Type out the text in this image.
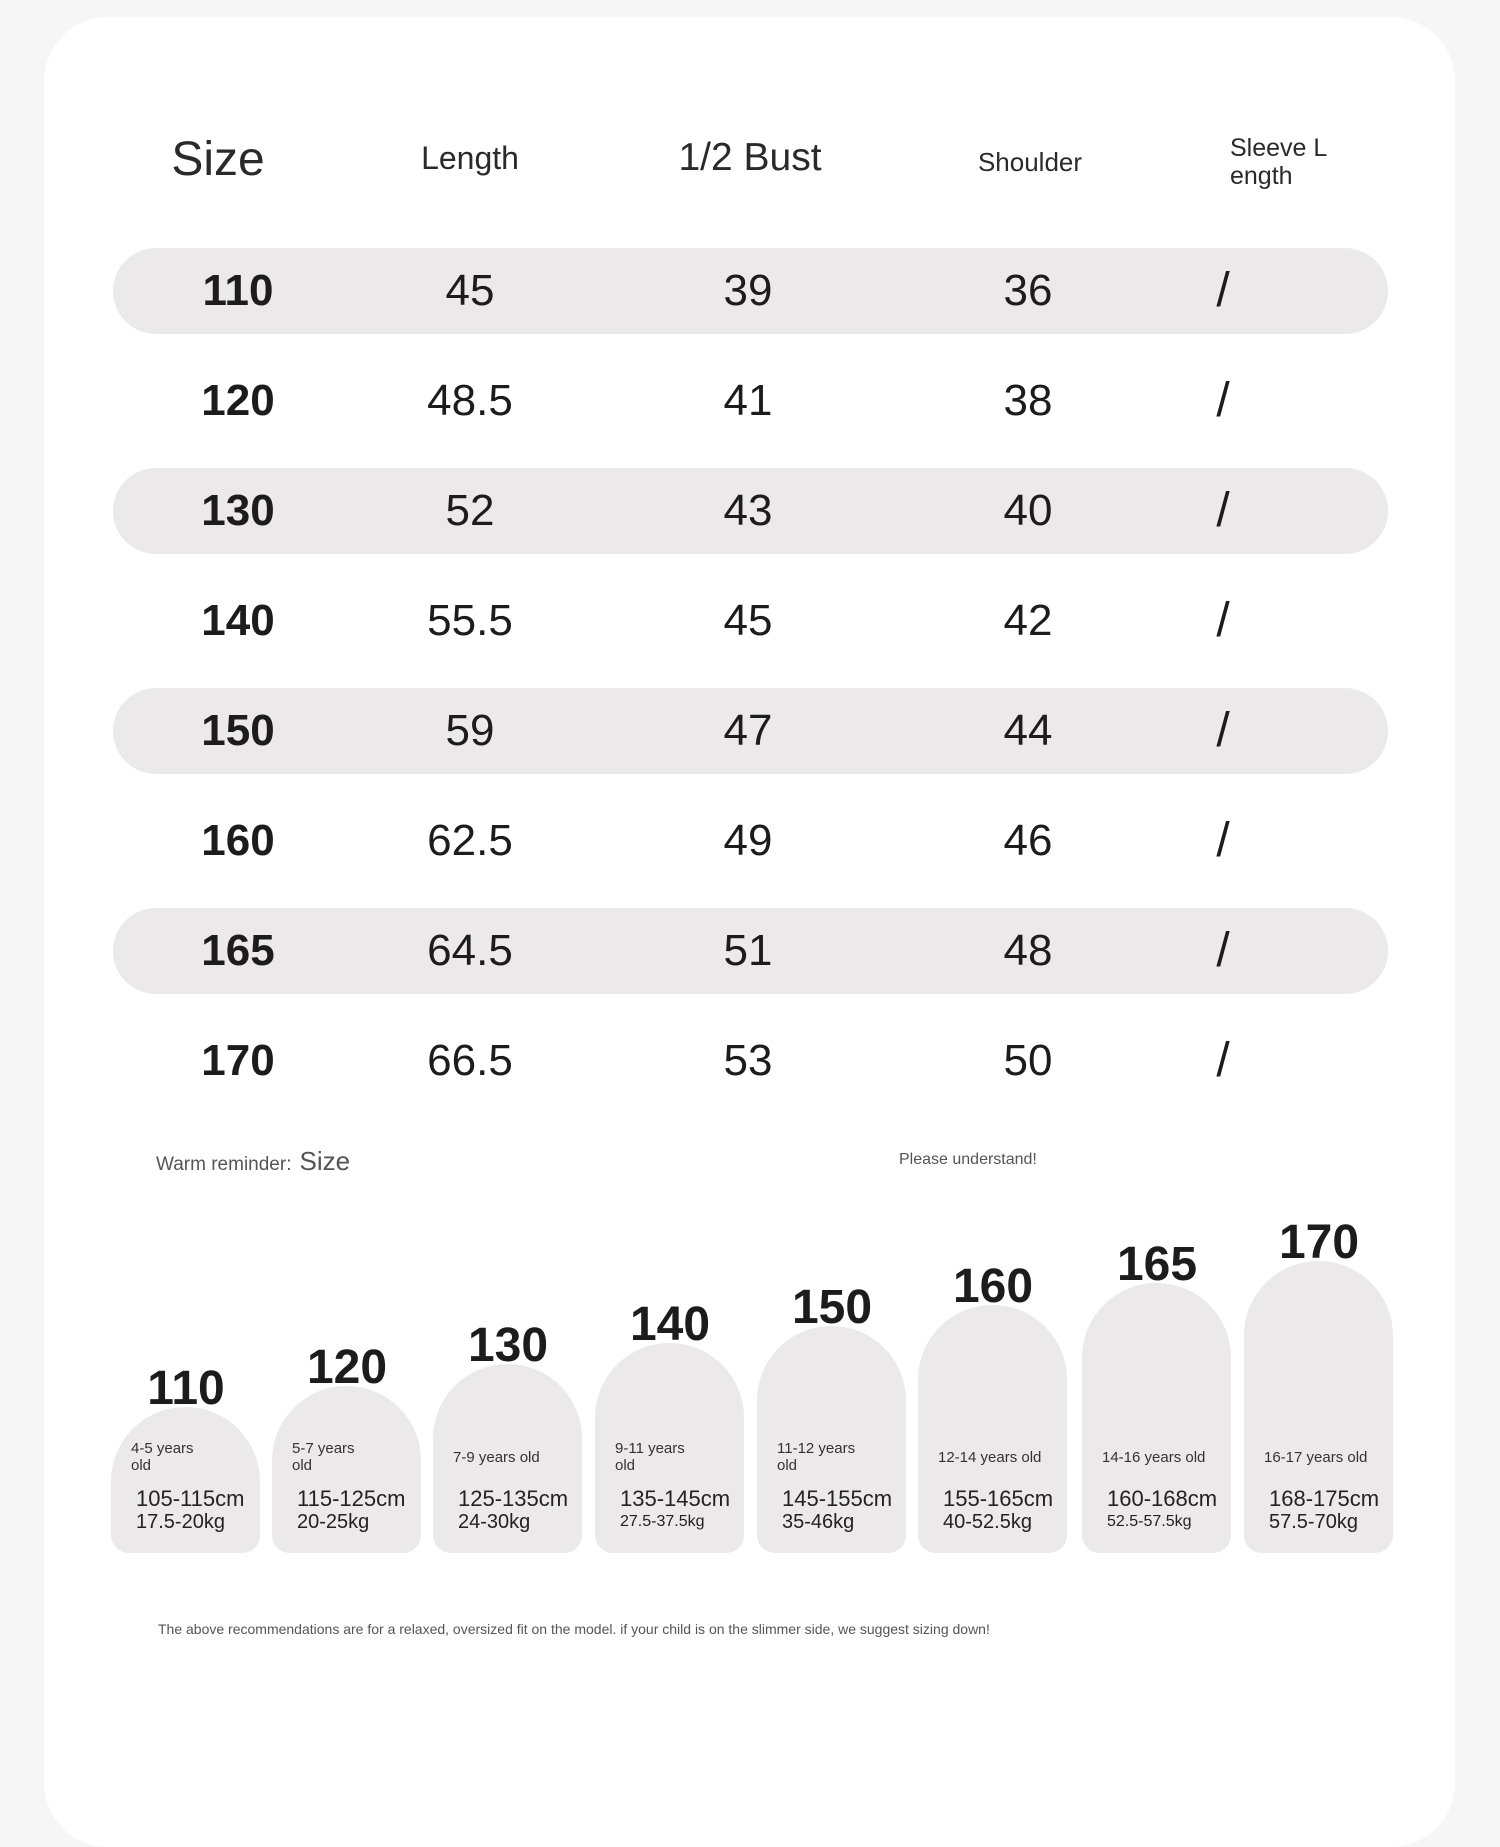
Size	Length	1/2 Bust	Shoulder	Sleeve L
ength
110	45	39	36	/
120	48.5	41	38	/
130	52	43	40	/
140	55.5	45	42	/
150	59	47	44	/
160	62.5	49	46	/
165	64.5	51	48	/
170	66.5	53	50	/
Warm reminder: Size	Please understand!
110
4-5 years
old
105-115cm
17.5-20kg
120
5-7 years
old
115-125cm
20-25kg
130
7-9 years old
125-135cm
24-30kg
140
9-11 years
old
135-145cm
27.5-37.5kg
150
11-12 years
old
145-155cm
35-46kg
160
12-14 years old
155-165cm
40-52.5kg
165
14-16 years old
160-168cm
52.5-57.5kg
170
16-17 years old
168-175cm
57.5-70kg
The above recommendations are for a relaxed, oversized fit on the model. if your child is on the slimmer side, we suggest sizing down!
